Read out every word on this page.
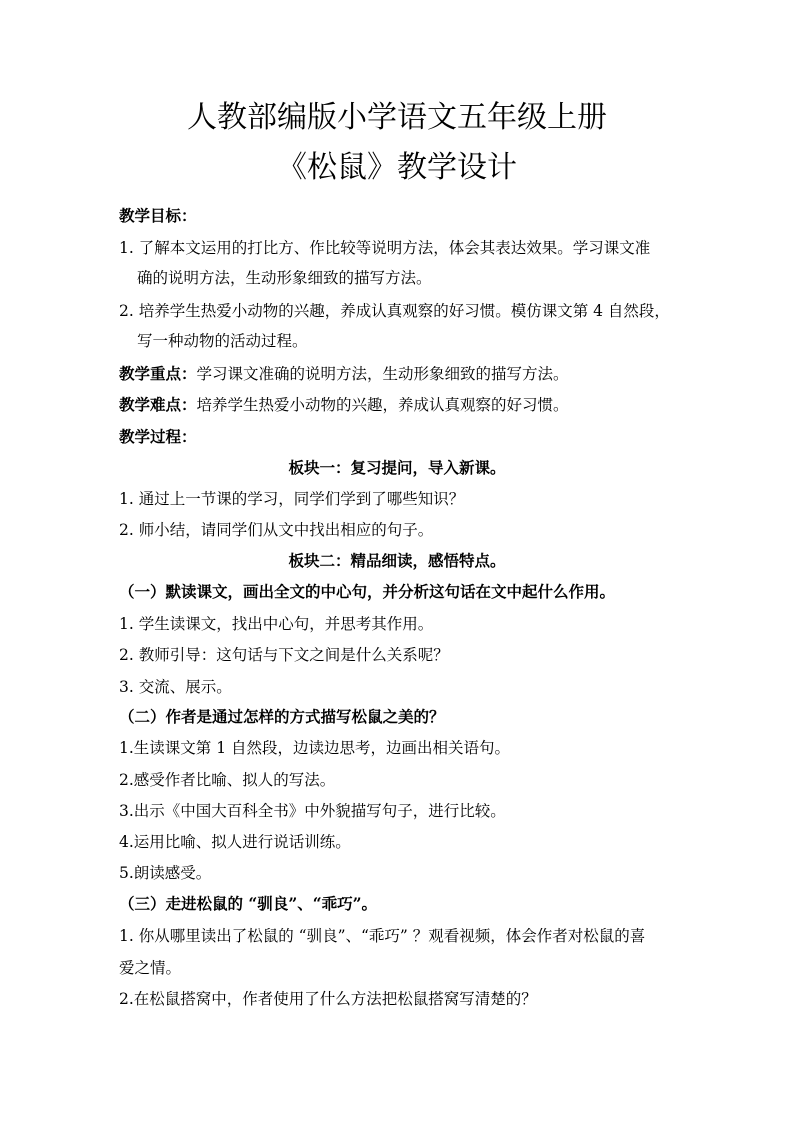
人教部编版小学语文五年级上册
《松鼠》教学设计
教学目标：
1. 了解本文运用的打比方、作比较等说明方法，体会其表达效果。学习课文准
确的说明方法，生动形象细致的描写方法。
2. 培养学生热爱小动物的兴趣，养成认真观察的好习惯。模仿课文第 4 自然段，
写一种动物的活动过程。
教学重点：学习课文准确的说明方法，生动形象细致的描写方法。
教学难点：培养学生热爱小动物的兴趣，养成认真观察的好习惯。
教学过程：
板块一：复习提问，导入新课。
1. 通过上一节课的学习，同学们学到了哪些知识？
2. 师小结，请同学们从文中找出相应的句子。
板块二：精品细读，感悟特点。
（一）默读课文，画出全文的中心句，并分析这句话在文中起什么作用。
1. 学生读课文，找出中心句，并思考其作用。
2. 教师引导：这句话与下文之间是什么关系呢？
3. 交流、展示。
（二）作者是通过怎样的方式描写松鼠之美的？
1.生读课文第 1 自然段，边读边思考，边画出相关语句。
2.感受作者比喻、拟人的写法。
3.出示《中国大百科全书》中外貌描写句子，进行比较。
4.运用比喻、拟人进行说话训练。
5.朗读感受。
（三）走进松鼠的 “驯良”、“乖巧”。
1. 你从哪里读出了松鼠的 “驯良”、“乖巧” ？观看视频，体会作者对松鼠的喜
爱之情。
2.在松鼠搭窝中，作者使用了什么方法把松鼠搭窝写清楚的？
